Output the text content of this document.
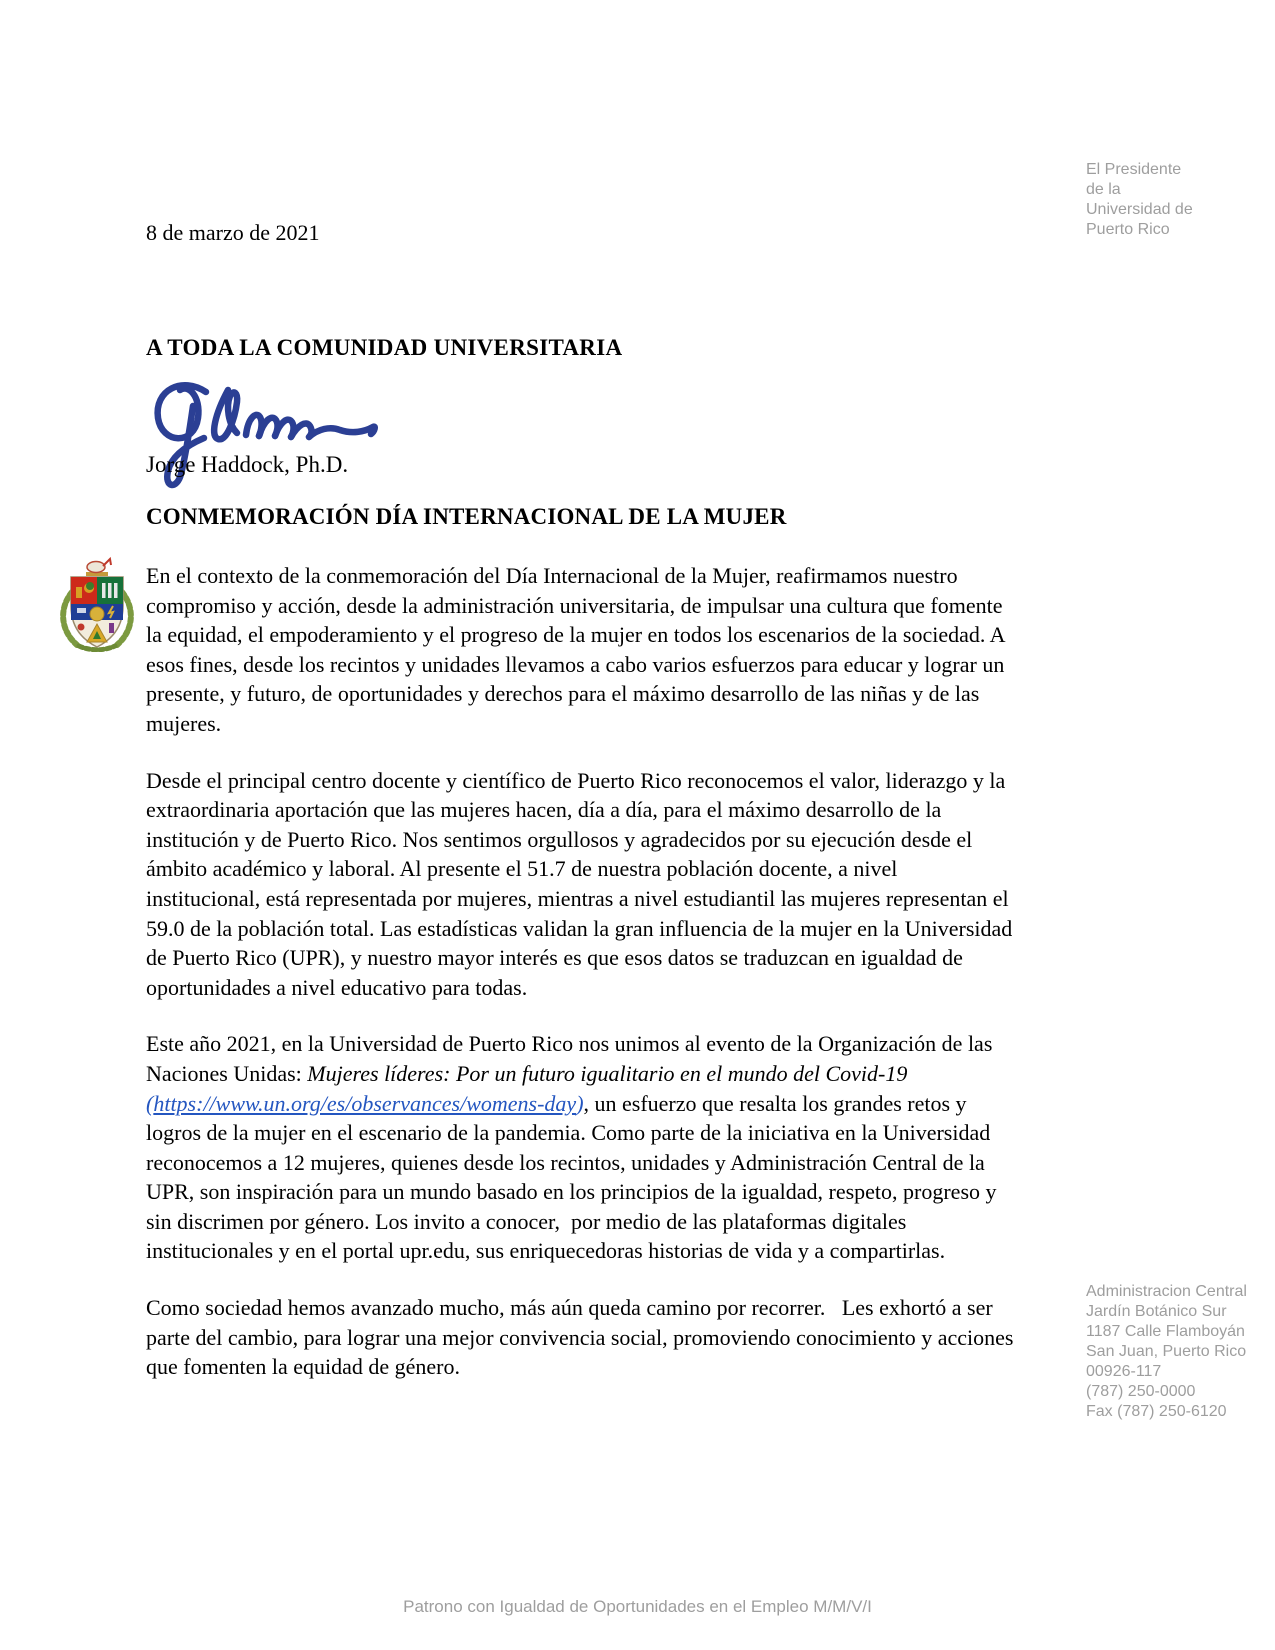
El Presidente
de la
Universidad de
Puerto Rico
8 de marzo de 2021
A TODA LA COMUNIDAD UNIVERSITARIA
Jorge Haddock, Ph.D.
CONMEMORACIÓN DÍA INTERNACIONAL DE LA MUJER

En el contexto de la conmemoración del Día Internacional de la Mujer, reafirmamos nuestro compromiso y acción, desde la administración universitaria, de impulsar una cultura que fomente la equidad, el empoderamiento y el progreso de la mujer en todos los escenarios de la sociedad. A esos fines, desde los recintos y unidades llevamos a cabo varios esfuerzos para educar y lograr un presente, y futuro, de oportunidades y derechos para el máximo desarrollo de las niñas y de las mujeres.

Desde el principal centro docente y científico de Puerto Rico reconocemos el valor, liderazgo y la extraordinaria aportación que las mujeres hacen, día a día, para el máximo desarrollo de la institución y de Puerto Rico. Nos sentimos orgullosos y agradecidos por su ejecución desde el ámbito académico y laboral. Al presente el 51.7 de nuestra población docente, a nivel institucional, está representada por mujeres, mientras a nivel estudiantil las mujeres representan el 59.0 de la población total. Las estadísticas validan la gran influencia de la mujer en la Universidad de Puerto Rico (UPR), y nuestro mayor interés es que esos datos se traduzcan en igualdad de oportunidades a nivel educativo para todas.

Este año 2021, en la Universidad de Puerto Rico nos unimos al evento de la Organización de las Naciones Unidas: Mujeres líderes: Por un futuro igualitario en el mundo del Covid-19 (https://www.un.org/es/observances/womens-day), un esfuerzo que resalta los grandes retos y logros de la mujer en el escenario de la pandemia. Como parte de la iniciativa en la Universidad reconocemos a 12 mujeres, quienes desde los recintos, unidades y Administración Central de la UPR, son inspiración para un mundo basado en los principios de la igualdad, respeto, progreso y sin discrimen por género. Los invito a conocer,  por medio de las plataformas digitales institucionales y en el portal upr.edu, sus enriquecedoras historias de vida y a compartirlas.

Como sociedad hemos avanzado mucho, más aún queda camino por recorrer.   Les exhortó a ser parte del cambio, para lograr una mejor convivencia social, promoviendo conocimiento y acciones que fomenten la equidad de género.

Administracion Central
Jardín Botánico Sur
1187 Calle Flamboyán
San Juan, Puerto Rico
00926-117
(787) 250-0000
Fax (787) 250-6120
Patrono con Igualdad de Oportunidades en el Empleo M/M/V/I
